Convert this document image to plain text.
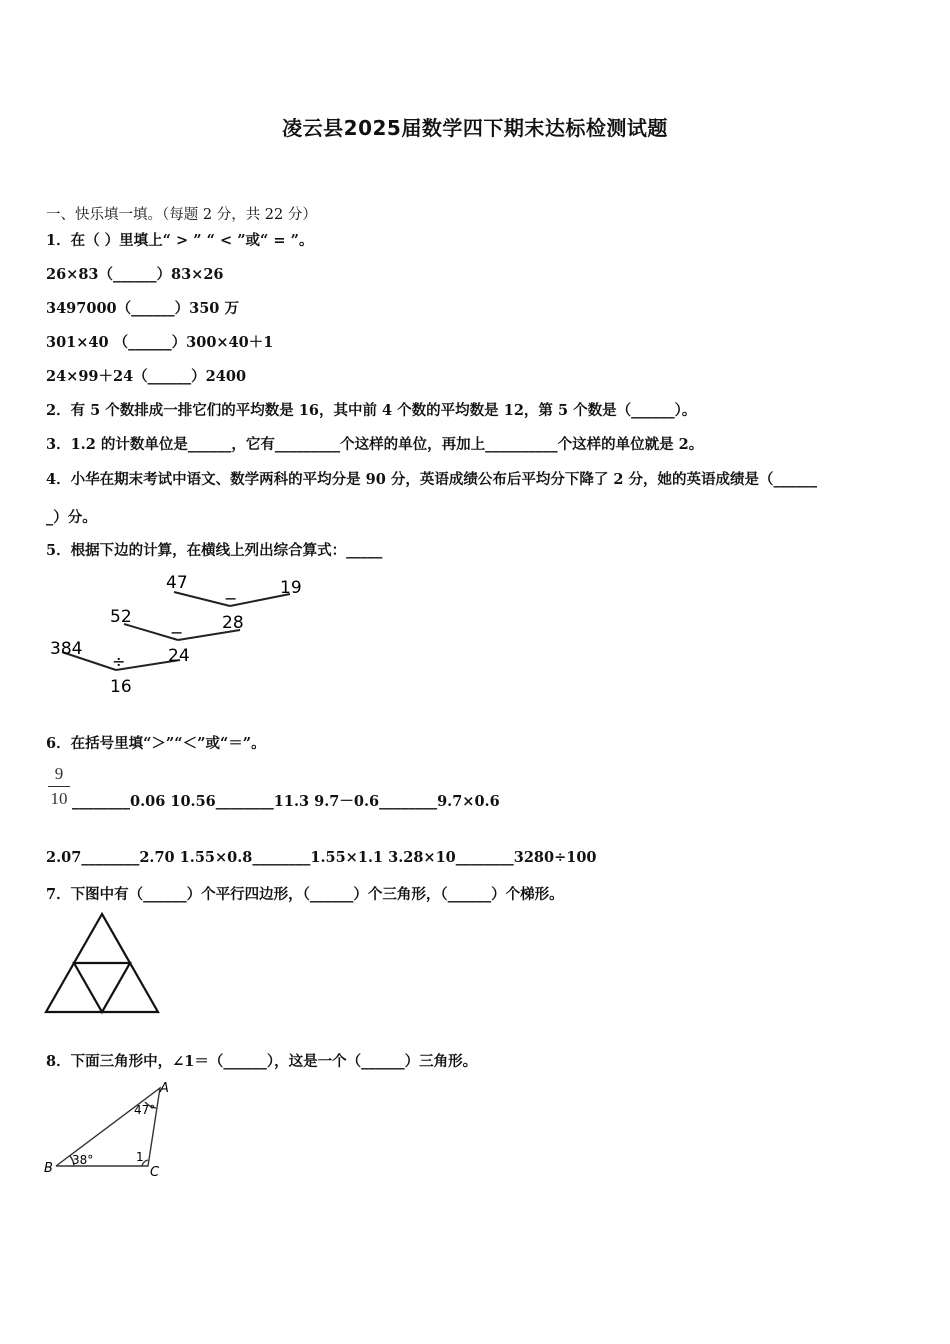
凌云县2025届数学四下期末达标检测试题
一、快乐填一填。（每题 2 分，共 22 分）
1．在（ ）里填上“ > ” “ < ”或“ = ”。
26×83（______）83×26
3497000（______）350 万
301×40 （______）300×40＋1
24×99＋24（______）2400
2．有 5 个数排成一排它们的平均数是 16，其中前 4 个数的平均数是 12，第 5 个数是（______）。
3．1.2 的计数单位是______，它有_________个这样的单位，再加上__________个这样的单位就是 2。
4．小华在期末考试中语文、数学两科的平均分是 90 分，英语成绩公布后平均分下降了 2 分，她的英语成绩是（______
_）分。
5．根据下边的计算，在横线上列出综合算式：_____
47	19
−
52	28
−
384	24
÷
16
6．在括号里填“＞”“＜”或“＝”。
9
10 ________0.06 10.56________11.3 9.7－0.6________9.7×0.6
2.07________2.70 1.55×0.8________1.55×1.1 3.28×10________3280÷100
7．下图中有（______）个平行四边形，（______）个三角形，（______）个梯形。
8．下面三角形中，∠1＝（______），这是一个（______）三角形。
A
B	C
47°
38°	1
